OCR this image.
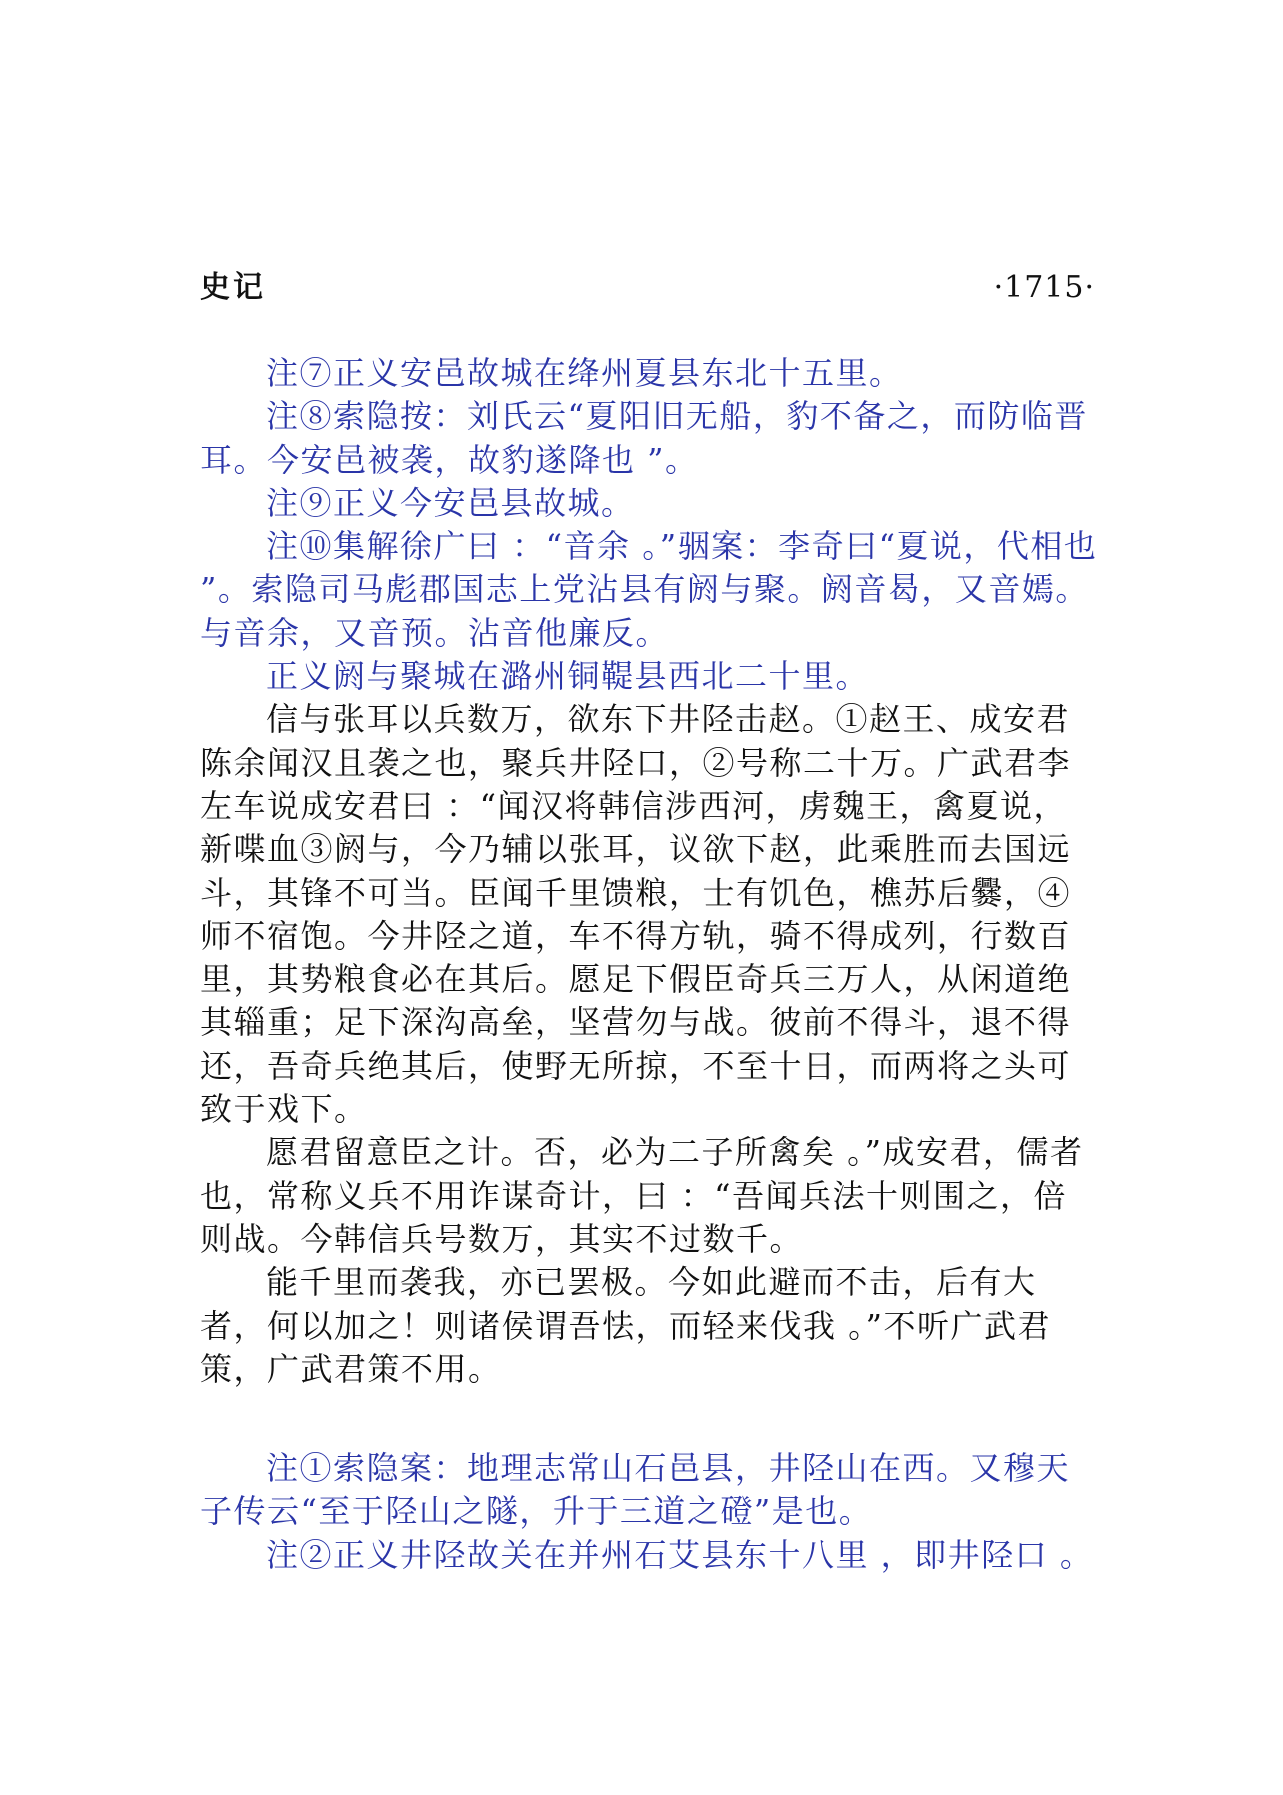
史记	·1715·

注⑦正义安邑故城在绛州夏县东北十五里。

注⑧索隐按：刘氏云“夏阳旧无船，豹不备之，而防临晋耳。今安邑被袭，故豹遂降也 ”。

注⑨正义今安邑县故城。

注⑩集解徐广曰 ：“音余 。”骃案：李奇曰“夏说，代相也 ”。索隐司马彪郡国志上党沾县有阏与聚。阏音曷，又音嫣。与音余，又音预。沾音他廉反。

正义阏与聚城在潞州铜鞮县西北二十里。

信与张耳以兵数万，欲东下井陉击赵。①赵王、成安君陈余闻汉且袭之也，聚兵井陉口，②号称二十万。广武君李左车说成安君曰 ：“闻汉将韩信涉西河，虏魏王，禽夏说，新喋血③阏与，今乃辅以张耳，议欲下赵，此乘胜而去国远斗，其锋不可当。臣闻千里馈粮，士有饥色，樵苏后爨，④师不宿饱。今井陉之道，车不得方轨，骑不得成列，行数百里，其势粮食必在其后。愿足下假臣奇兵三万人，从闲道绝其辎重；足下深沟高垒，坚营勿与战。彼前不得斗，退不得还，吾奇兵绝其后，使野无所掠，不至十日，而两将之头可致于戏下。

愿君留意臣之计。否，必为二子所禽矣 。”成安君，儒者也，常称义兵不用诈谋奇计，曰 ：“吾闻兵法十则围之，倍则战。今韩信兵号数万，其实不过数千。

能千里而袭我，亦已罢极。今如此避而不击，后有大者，何以加之！则诸侯谓吾怯，而轻来伐我 。”不听广武君策，广武君策不用。

注①索隐案：地理志常山石邑县，井陉山在西。又穆天子传云“至于陉山之隧，升于三道之磴”是也。

注②正义井陉故关在并州石艾县东十八里 ，即井陉口 。
